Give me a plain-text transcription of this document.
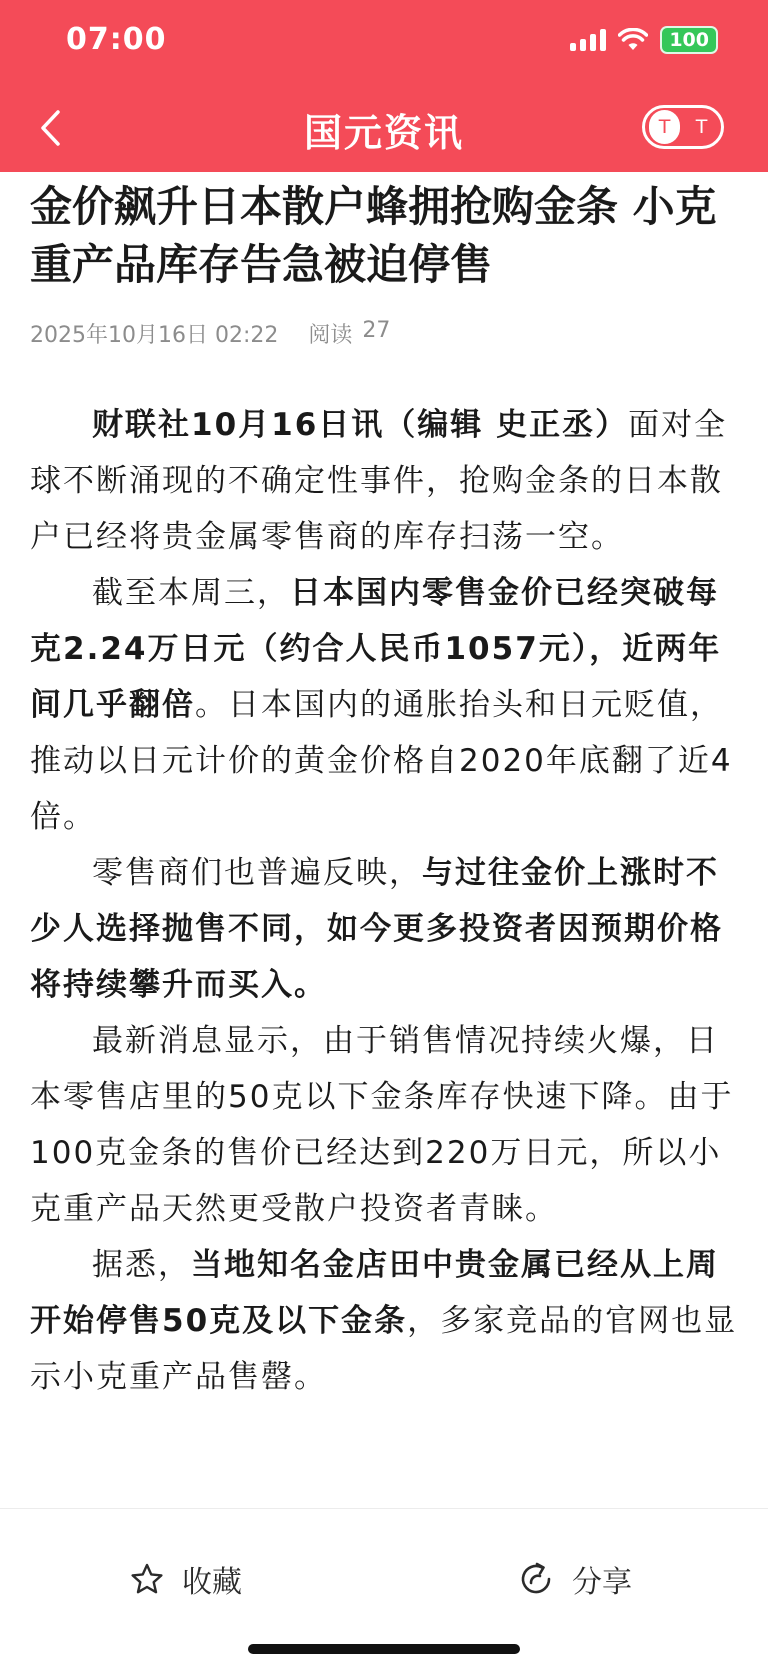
07:00	100
国元资讯	T	T
金价飙升日本散户蜂拥抢购金条 小克重产品库存告急被迫停售
2025年10月16日 02:22 阅读 27

财联社10月16日讯（编辑 史正丞）面对全球不断涌现的不确定性事件，抢购金条的日本散户已经将贵金属零售商的库存扫荡一空。

截至本周三，日本国内零售金价已经突破每克2.24万日元（约合人民币1057元），近两年间几乎翻倍。日本国内的通胀抬头和日元贬值，推动以日元计价的黄金价格自2020年底翻了近4倍。

零售商们也普遍反映，与过往金价上涨时不少人选择抛售不同，如今更多投资者因预期价格将持续攀升而买入。

最新消息显示，由于销售情况持续火爆，日本零售店里的50克以下金条库存快速下降。由于100克金条的售价已经达到220万日元，所以小克重产品天然更受散户投资者青睐。

据悉，当地知名金店田中贵金属已经从上周开始停售50克及以下金条，多家竞品的官网也显示小克重产品售罄。

收藏	分享
